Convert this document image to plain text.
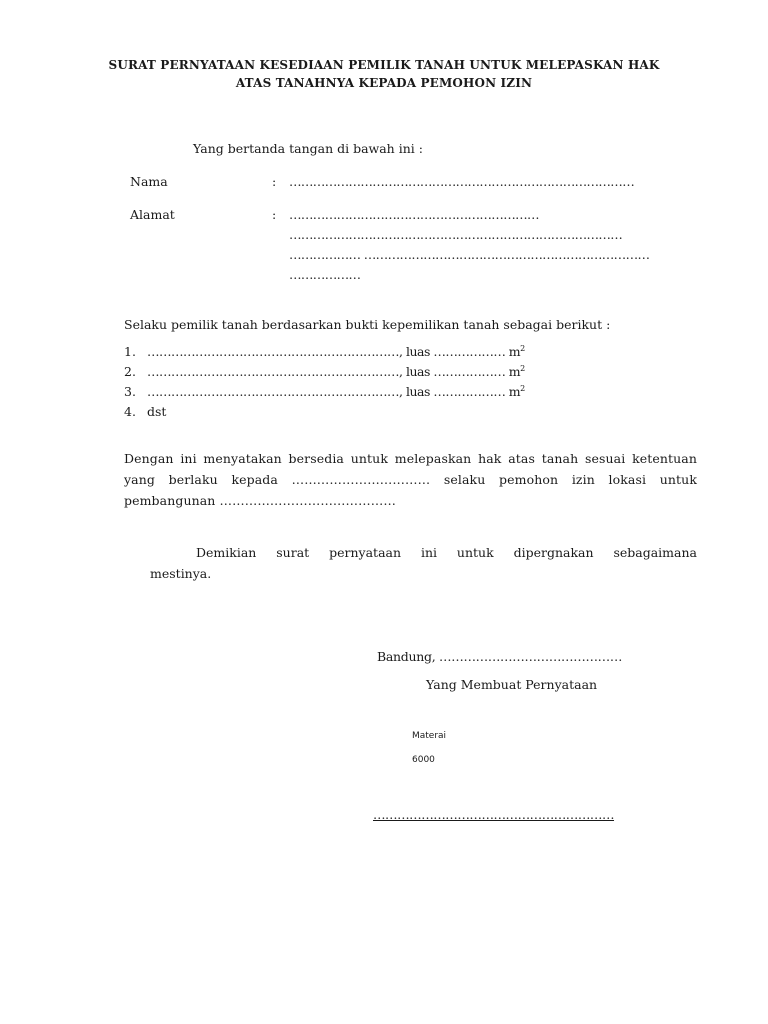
SURAT PERNYATAAN KESEDIAAN PEMILIK TANAH UNTUK MELEPASKAN HAK
ATAS TANAHNYA KEPADA PEMOHON IZIN
Yang bertanda tangan di bawah ini :
Nama	: ……………………………………………………………………………
Alamat	: ………………………………………………………
…………………………………………………………………………
……………… ………………………………………………………………
………………
Selaku pemilik tanah berdasarkan bukti kepemilikan tanah sebagai berikut :
1. ………………………………………………………, luas ……………… $m^2$
2. ………………………………………………………, luas ……………… $m^2$
3. ………………………………………………………, luas ……………… $m^2$
4. dst
Dengan ini menyatakan bersedia untuk melepaskan hak atas tanah sesuai ketentuan yang berlaku kepada …………………………… selaku pemohon izin lokasi untuk pembangunan ……………………………………
Demikian surat pernyataan ini untuk dipergnakan sebagaimana
mestinya.
Bandung, ………………………………………
Yang Membuat Pernyataan
Materai
6000
……………………………………………………
